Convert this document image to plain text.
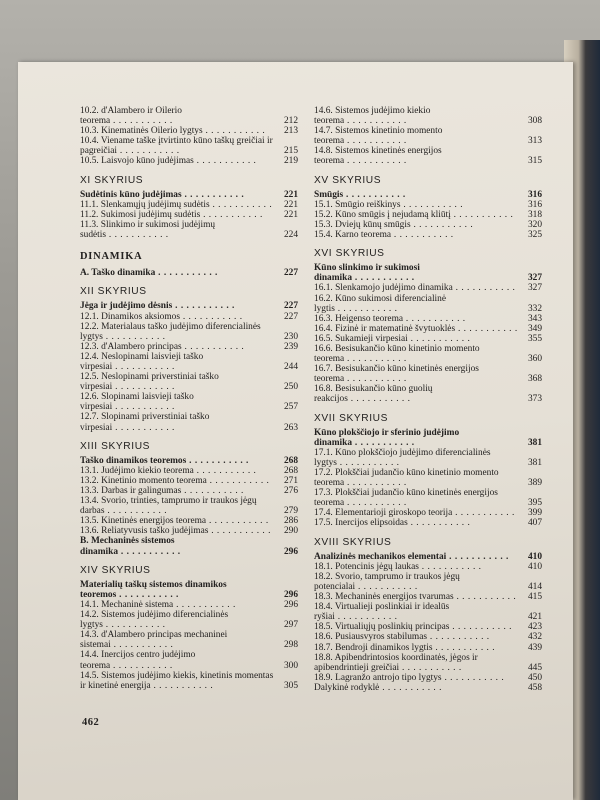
10.2. d'Alambero ir Oilerio teorema . . .	212
10.3. Kinematinės Oilerio lygtys . . .	213
10.4. Viename taške įtvirtinto kūno taškų greičiai ir pagreičiai . . .	215
10.5. Laisvojo kūno judėjimas . . .	219
XI SKYRIUS
Sudėtinis kūno judėjimas . . .	221
11.1. Slenkamųjų judėjimų sudėtis . . .	221
11.2. Sukimosi judėjimų sudėtis . . .	221
11.3. Slinkimo ir sukimosi judėjimų sudėtis . . .	224
DINAMIKA
A. Taško dinamika . . .	227
XII SKYRIUS
Jėga ir judėjimo dėsnis . . .	227
12.1. Dinamikos aksiomos . . .	227
12.2. Materialaus taško judėjimo diferencialinės lygtys . . .	230
12.3. d'Alambero principas . . .	239
12.4. Neslopinami laisvieji taško virpesiai . . .	244
12.5. Neslopinami priverstiniai taško virpesiai . . .	250
12.6. Slopinami laisvieji taško virpesiai . . .	257
12.7. Slopinami priverstiniai taško virpesiai . . .	263
XIII SKYRIUS
Taško dinamikos teoremos . . .	268
13.1. Judėjimo kiekio teorema . . .	268
13.2. Kinetinio momento teorema . . .	271
13.3. Darbas ir galingumas . . .	276
13.4. Svorio, trinties, tamprumo ir traukos jėgų darbas . . .	279
13.5. Kinetinės energijos teorema . . .	286
13.6. Reliatyvusis taško judėjimas . . .	290
B. Mechaninės sistemos dinamika . . .	296
XIV SKYRIUS
Materialių taškų sistemos dinamikos teoremos . . .	296
14.1. Mechaninė sistema . . .	296
14.2. Sistemos judėjimo diferencialinės lygtys . . .	297
14.3. d'Alambero principas mechaninei sistemai . . .	298
14.4. Inercijos centro judėjimo teorema . . .	300
14.5. Sistemos judėjimo kiekis, kinetinis momentas ir kinetinė energija . . .	305
14.6. Sistemos judėjimo kiekio teorema . . .	308
14.7. Sistemos kinetinio momento teorema . . .	313
14.8. Sistemos kinetinės energijos teorema . . .	315
XV SKYRIUS
Smūgis . . .	316
15.1. Smūgio reiškinys . . .	316
15.2. Kūno smūgis į nejudamą kliūtį . . .	318
15.3. Dviejų kūnų smūgis . . .	320
15.4. Karno teorema . . .	325
XVI SKYRIUS
Kūno slinkimo ir sukimosi dinamika . . .	327
16.1. Slenkamojo judėjimo dinamika . . .	327
16.2. Kūno sukimosi diferencialinė lygtis . . .	332
16.3. Heigenso teorema . . .	343
16.4. Fizinė ir matematinė švytuoklės . . .	349
16.5. Sukamieji virpesiai . . .	355
16.6. Besisukančio kūno kinetinio momento teorema . . .	360
16.7. Besisukančio kūno kinetinės energijos teorema . . .	368
16.8. Besisukančio kūno guolių reakcijos . . .	373
XVII SKYRIUS
Kūno plokščiojo ir sferinio judėjimo dinamika . . .	381
17.1. Kūno plokščiojo judėjimo diferencialinės lygtys . . .	381
17.2. Plokščiai judančio kūno kinetinio momento teorema . . .	389
17.3. Plokščiai judančio kūno kinetinės energijos teorema . . .	395
17.4. Elementarioji giroskopo teorija . . .	399
17.5. Inercijos elipsoidas . . .	407
XVIII SKYRIUS
Analizinės mechanikos elementai . . .	410
18.1. Potencinis jėgų laukas . . .	410
18.2. Svorio, tamprumo ir traukos jėgų potencialai . . .	414
18.3. Mechaninės energijos tvarumas . . .	415
18.4. Virtualieji poslinkiai ir idealūs ryšiai . . .	421
18.5. Virtualiųjų poslinkių principas . . .	423
18.6. Pusiausvyros stabilumas . . .	432
18.7. Bendroji dinamikos lygtis . . .	439
18.8. Apibendrintosios koordinatės, jėgos ir apibendrintieji greičiai . . .	445
18.9. Lagranžo antrojo tipo lygtys . . .	450
Dalykinė rodyklė . . .	458
462
